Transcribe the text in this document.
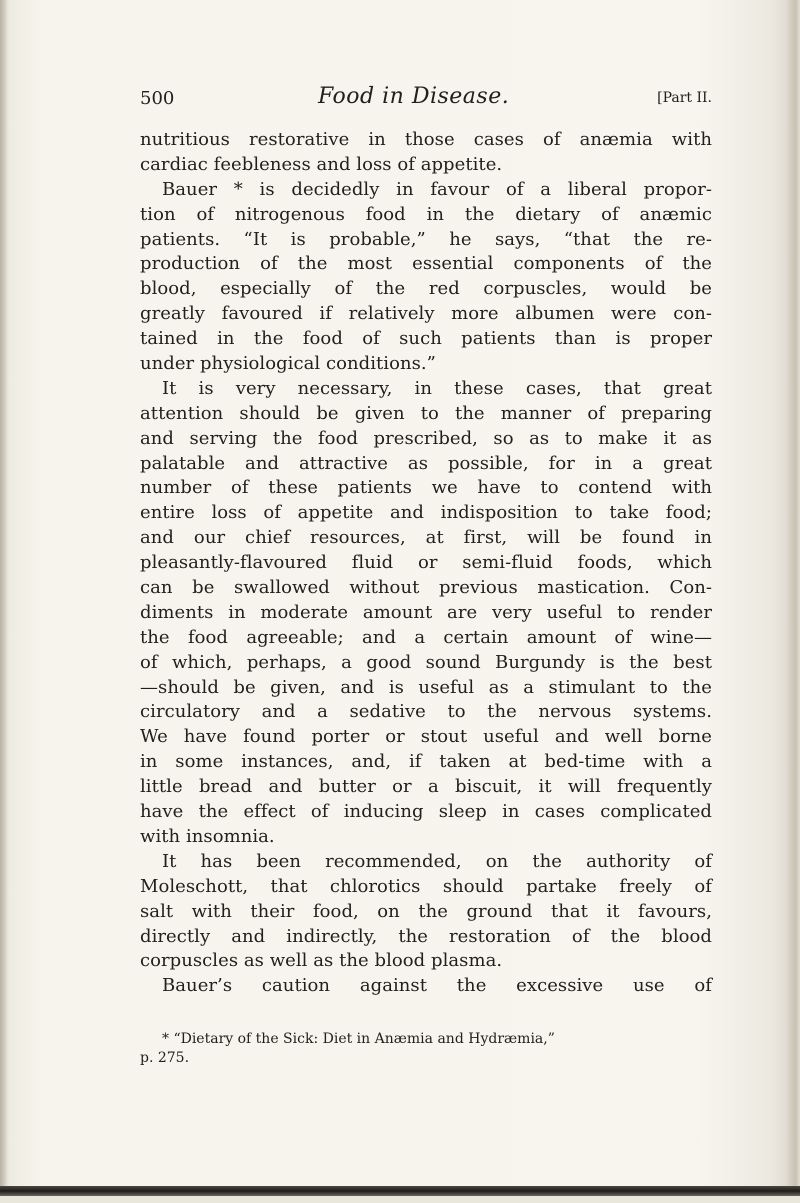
500	Food in Disease.	[Part II.
nutritious restorative in those cases of anæmia with
cardiac feebleness and loss of appetite.
Bauer * is decidedly in favour of a liberal propor-
tion of nitrogenous food in the dietary of anæmic
patients. “It is probable,” he says, “that the re-
production of the most essential components of the
blood, especially of the red corpuscles, would be
greatly favoured if relatively more albumen were con-
tained in the food of such patients than is proper
under physiological conditions.”
It is very necessary, in these cases, that great
attention should be given to the manner of preparing
and serving the food prescribed, so as to make it as
palatable and attractive as possible, for in a great
number of these patients we have to contend with
entire loss of appetite and indisposition to take food;
and our chief resources, at first, will be found in
pleasantly-flavoured fluid or semi-fluid foods, which
can be swallowed without previous mastication. Con-
diments in moderate amount are very useful to render
the food agreeable; and a certain amount of wine—
of which, perhaps, a good sound Burgundy is the best
—should be given, and is useful as a stimulant to the
circulatory and a sedative to the nervous systems.
We have found porter or stout useful and well borne
in some instances, and, if taken at bed-time with a
little bread and butter or a biscuit, it will frequently
have the effect of inducing sleep in cases complicated
with insomnia.
It has been recommended, on the authority of
Moleschott, that chlorotics should partake freely of
salt with their food, on the ground that it favours,
directly and indirectly, the restoration of the blood
corpuscles as well as the blood plasma.
Bauer’s caution against the excessive use of
* “Dietary of the Sick: Diet in Anæmia and Hydræmia,”
p. 275.
